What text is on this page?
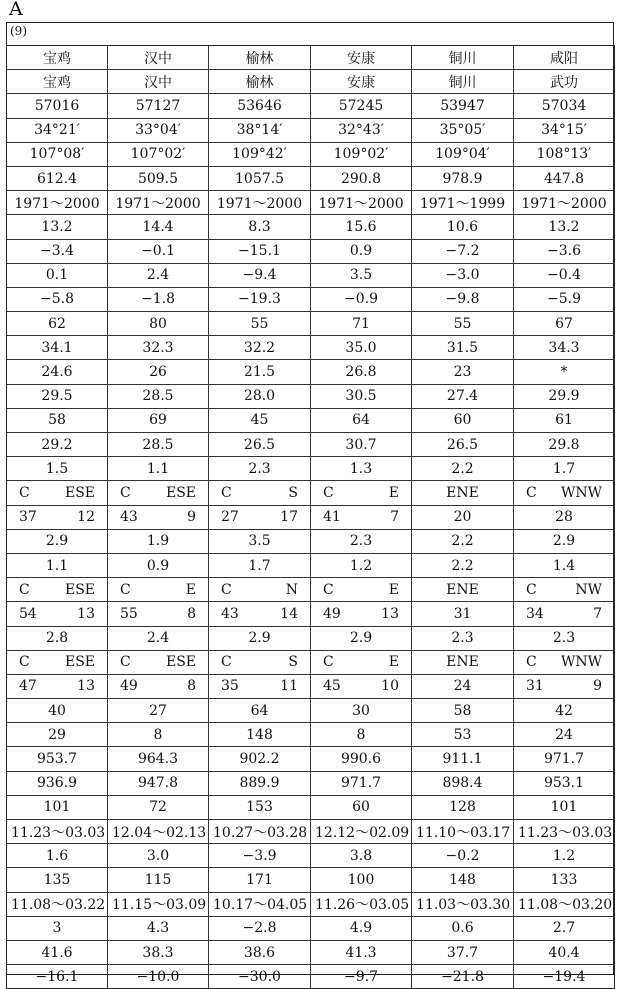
A
(9)
宝鸡	汉中	榆林	安康	铜川	咸阳
宝鸡	汉中	榆林	安康	铜川	武功
57016	57127	53646	57245	53947	57034
34°21′	33°04′	38°14′	32°43′	35°05′	34°15′
107°08′	107°02′	109°42′	109°02′	109°04′	108°13′
612.4	509.5	1057.5	290.8	978.9	447.8
1971～2000	1971～2000	1971～2000	1971～2000	1971～1999	1971～2000
13.2	14.4	8.3	15.6	10.6	13.2
−3.4	−0.1	−15.1	0.9	−7.2	−3.6
0.1	2.4	−9.4	3.5	−3.0	−0.4
−5.8	−1.8	−19.3	−0.9	−9.8	−5.9
62	80	55	71	55	67
34.1	32.3	32.2	35.0	31.5	34.3
24.6	26	21.5	26.8	23	*
29.5	28.5	28.0	30.5	27.4	29.9
58	69	45	64	60	61
29.2	28.5	26.5	30.7	26.5	29.8
1.5	1.1	2.3	1.3	2.2	1.7

C ESE	C ESE	C S	C E	ENE	C WNW

37 12	43 9	27 17	41 7	20	28
2.9	1.9	3.5	2.3	2.2	2.9
1.1	0.9	1.7	1.2	2.2	1.4

C ESE	C E	C N	C E	ENE	C NW

54 13	55 8	43 14	49 13	31	34 7

2.8	2.4	2.9	2.9	2.3	2.3

C ESE	C ESE	C S	C E	ENE	C WNW

47 13	49 8	35 11	45 10	24	31 9

40	27	64	30	58	42
29	8	148	8	53	24
953.7	964.3	902.2	990.6	911.1	971.7
936.9	947.8	889.9	971.7	898.4	953.1
101	72	153	60	128	101
11.23～03.03	12.04～02.13	10.27～03.28	12.12～02.09	11.10～03.17	11.23～03.03
1.6	3.0	−3.9	3.8	−0.2	1.2
135	115	171	100	148	133
11.08～03.22	11.15～03.09	10.17～04.05	11.26～03.05	11.03～03.30	11.08～03.20
3	4.3	−2.8	4.9	0.6	2.7
41.6	38.3	38.6	41.3	37.7	40.4
−16.1	−10.0	−30.0	−9.7	−21.8	−19.4
